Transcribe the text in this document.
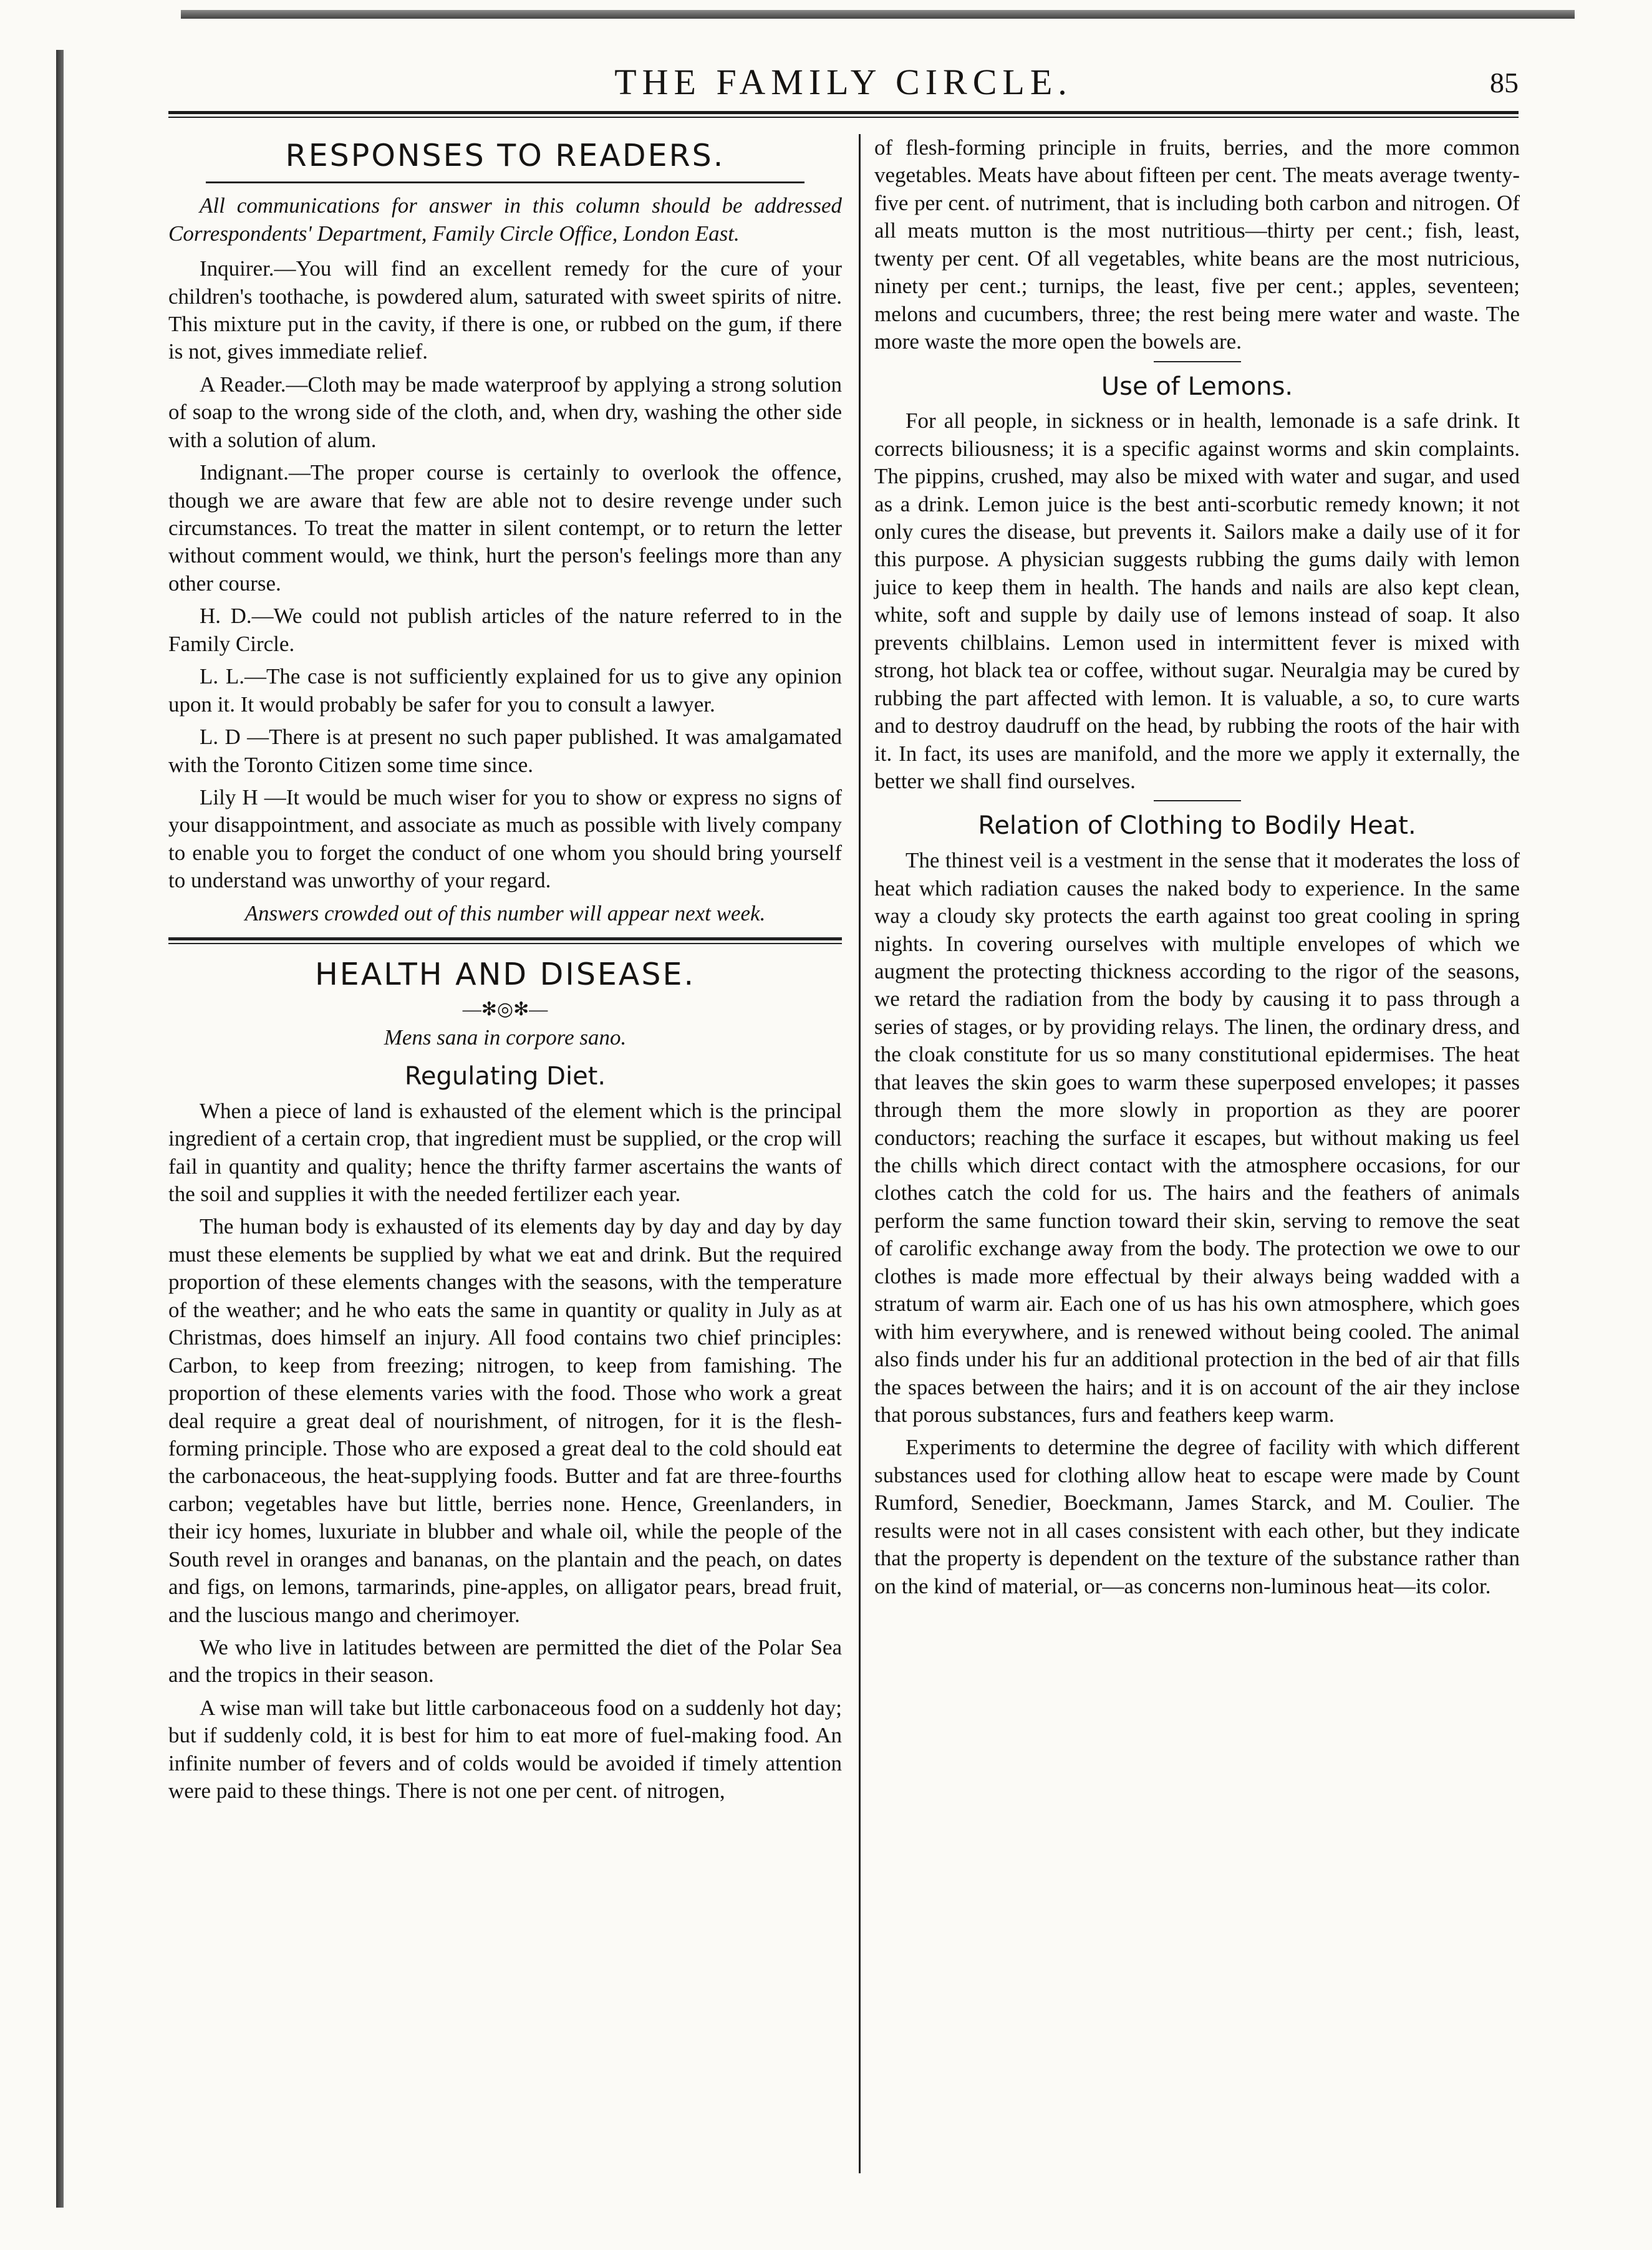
THE FAMILY CIRCLE.	85
RESPONSES TO READERS.

All communications for answer in this column should be addressed Correspondents' Department, Family Circle Office, London East.

Inquirer.—You will find an excellent remedy for the cure of your children's toothache, is powdered alum, saturated with sweet spirits of nitre. This mixture put in the cavity, if there is one, or rubbed on the gum, if there is not, gives immediate relief.

A Reader.—Cloth may be made waterproof by applying a strong solution of soap to the wrong side of the cloth, and, when dry, washing the other side with a solution of alum.

Indignant.—The proper course is certainly to overlook the offence, though we are aware that few are able not to desire revenge under such circumstances. To treat the matter in silent contempt, or to return the letter without comment would, we think, hurt the person's feelings more than any other course.

H. D.—We could not publish articles of the nature referred to in the Family Circle.

L. L.—The case is not sufficiently explained for us to give any opinion upon it. It would probably be safer for you to consult a lawyer.

L. D —There is at present no such paper published. It was amalgamated with the Toronto Citizen some time since.

Lily H —It would be much wiser for you to show or express no signs of your disappointment, and associate as much as possible with lively company to enable you to forget the conduct of one whom you should bring yourself to understand was unworthy of your regard.

Answers crowded out of this number will appear next week.

HEALTH AND DISEASE.
—✻◎✻—

Mens sana in corpore sano.

Regulating Diet.

When a piece of land is exhausted of the element which is the principal ingredient of a certain crop, that ingredient must be supplied, or the crop will fail in quantity and quality; hence the thrifty farmer ascertains the wants of the soil and supplies it with the needed fertilizer each year.

The human body is exhausted of its elements day by day and day by day must these elements be supplied by what we eat and drink. But the required proportion of these elements changes with the seasons, with the temperature of the weather; and he who eats the same in quantity or quality in July as at Christmas, does himself an injury. All food contains two chief principles: Carbon, to keep from freezing; nitrogen, to keep from famishing. The proportion of these elements varies with the food. Those who work a great deal require a great deal of nourishment, of nitrogen, for it is the flesh-forming principle. Those who are exposed a great deal to the cold should eat the carbonaceous, the heat-supplying foods. Butter and fat are three-fourths carbon; vegetables have but little, berries none. Hence, Greenlanders, in their icy homes, luxuriate in blubber and whale oil, while the people of the South revel in oranges and bananas, on the plantain and the peach, on dates and figs, on lemons, tarmarinds, pine-apples, on alligator pears, bread fruit, and the luscious mango and cherimoyer.

We who live in latitudes between are permitted the diet of the Polar Sea and the tropics in their season.

A wise man will take but little carbonaceous food on a suddenly hot day; but if suddenly cold, it is best for him to eat more of fuel-making food. An infinite number of fevers and of colds would be avoided if timely attention were paid to these things. There is not one per cent. of nitrogen,

of flesh-forming principle in fruits, berries, and the more common vegetables. Meats have about fifteen per cent. The meats average twenty-five per cent. of nutriment, that is including both carbon and nitrogen. Of all meats mutton is the most nutritious—thirty per cent.; fish, least, twenty per cent. Of all vegetables, white beans are the most nutricious, ninety per cent.; turnips, the least, five per cent.; apples, seventeen; melons and cucumbers, three; the rest being mere water and waste. The more waste the more open the bowels are.

Use of Lemons.

For all people, in sickness or in health, lemonade is a safe drink. It corrects biliousness; it is a specific against worms and skin complaints. The pippins, crushed, may also be mixed with water and sugar, and used as a drink. Lemon juice is the best anti-scorbutic remedy known; it not only cures the disease, but prevents it. Sailors make a daily use of it for this purpose. A physician suggests rubbing the gums daily with lemon juice to keep them in health. The hands and nails are also kept clean, white, soft and supple by daily use of lemons instead of soap. It also prevents chilblains. Lemon used in intermittent fever is mixed with strong, hot black tea or coffee, without sugar. Neuralgia may be cured by rubbing the part affected with lemon. It is valuable, a so, to cure warts and to destroy daudruff on the head, by rubbing the roots of the hair with it. In fact, its uses are manifold, and the more we apply it externally, the better we shall find ourselves.

Relation of Clothing to Bodily Heat.

The thinest veil is a vestment in the sense that it moderates the loss of heat which radiation causes the naked body to experience. In the same way a cloudy sky protects the earth against too great cooling in spring nights. In covering ourselves with multiple envelopes of which we augment the protecting thickness according to the rigor of the seasons, we retard the radiation from the body by causing it to pass through a series of stages, or by providing relays. The linen, the ordinary dress, and the cloak constitute for us so many constitutional epidermises. The heat that leaves the skin goes to warm these superposed envelopes; it passes through them the more slowly in proportion as they are poorer conductors; reaching the surface it escapes, but without making us feel the chills which direct contact with the atmosphere occasions, for our clothes catch the cold for us. The hairs and the feathers of animals perform the same function toward their skin, serving to remove the seat of carolific exchange away from the body. The protection we owe to our clothes is made more effectual by their always being wadded with a stratum of warm air. Each one of us has his own atmosphere, which goes with him everywhere, and is renewed without being cooled. The animal also finds under his fur an additional protection in the bed of air that fills the spaces between the hairs; and it is on account of the air they inclose that porous substances, furs and feathers keep warm.

Experiments to determine the degree of facility with which different substances used for clothing allow heat to escape were made by Count Rumford, Senedier, Boeckmann, James Starck, and M. Coulier. The results were not in all cases consistent with each other, but they indicate that the property is dependent on the texture of the substance rather than on the kind of material, or—as concerns non-luminous heat—its color.
